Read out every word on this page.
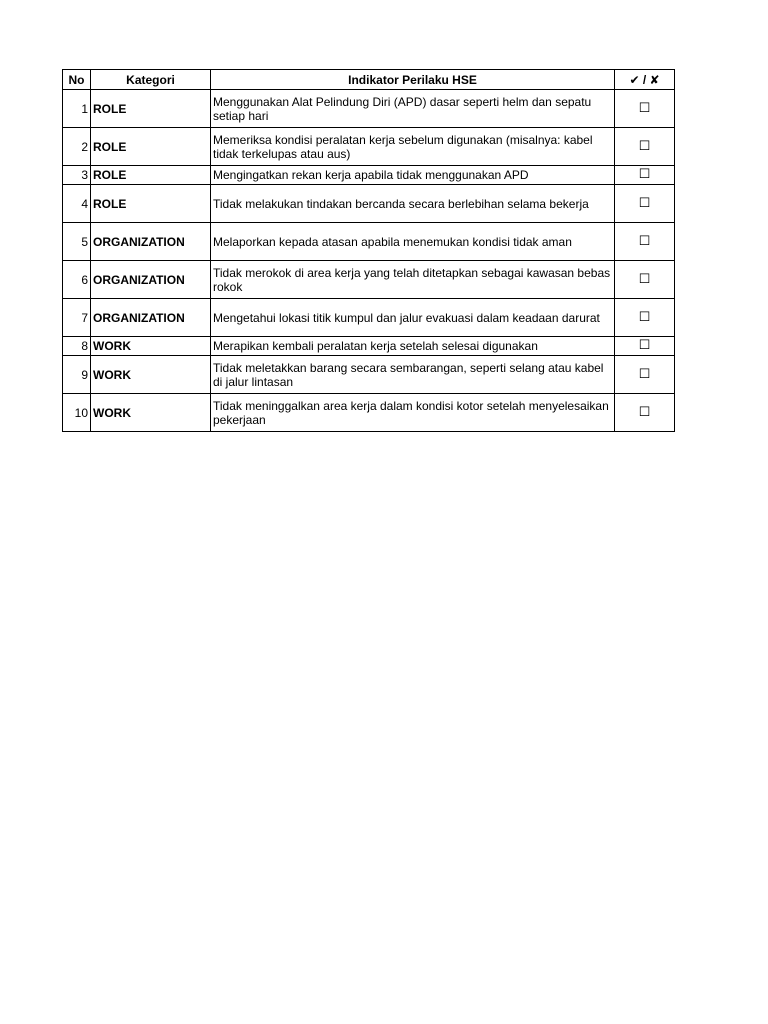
No	Kategori	Indikator Perilaku HSE	✔ / ✘
1	ROLE	Menggunakan Alat Pelindung Diri (APD) dasar seperti helm dan sepatu setiap hari	☐
2	ROLE	Memeriksa kondisi peralatan kerja sebelum digunakan (misalnya: kabel tidak terkelupas atau aus)	☐
3	ROLE	Mengingatkan rekan kerja apabila tidak menggunakan APD	☐
4	ROLE	Tidak melakukan tindakan bercanda secara berlebihan selama bekerja	☐
5	ORGANIZATION	Melaporkan kepada atasan apabila menemukan kondisi tidak aman	☐
6	ORGANIZATION	Tidak merokok di area kerja yang telah ditetapkan sebagai kawasan bebas rokok	☐
7	ORGANIZATION	Mengetahui lokasi titik kumpul dan jalur evakuasi dalam keadaan darurat	☐
8	WORK	Merapikan kembali peralatan kerja setelah selesai digunakan	☐
9	WORK	Tidak meletakkan barang secara sembarangan, seperti selang atau kabel di jalur lintasan	☐
10	WORK	Tidak meninggalkan area kerja dalam kondisi kotor setelah menyelesaikan pekerjaan	☐
